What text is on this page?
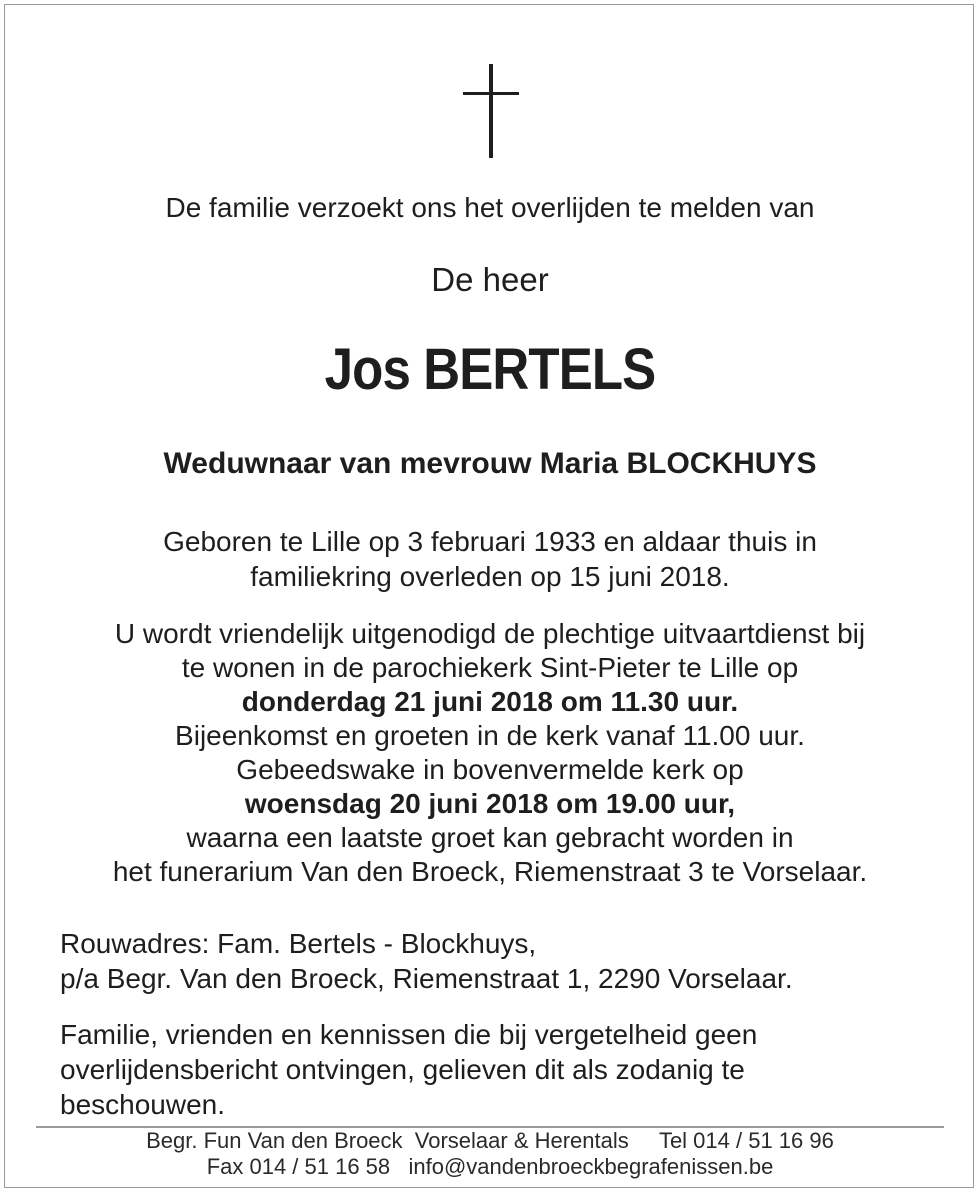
De familie verzoekt ons het overlijden te melden van
De heer
Jos BERTELS
Weduwnaar van mevrouw Maria BLOCKHUYS
Geboren te Lille op 3 februari 1933 en aldaar thuis in
familiekring overleden op 15 juni 2018.
U wordt vriendelijk uitgenodigd de plechtige uitvaartdienst bij
te wonen in de parochiekerk Sint-Pieter te Lille op
donderdag 21 juni 2018 om 11.30 uur.
Bijeenkomst en groeten in de kerk vanaf 11.00 uur.
Gebeedswake in bovenvermelde kerk op
woensdag 20 juni 2018 om 19.00 uur,
waarna een laatste groet kan gebracht worden in
het funerarium Van den Broeck, Riemenstraat 3 te Vorselaar.
Rouwadres: Fam. Bertels - Blockhuys,
p/a Begr. Van den Broeck, Riemenstraat 1, 2290 Vorselaar.
Familie, vrienden en kennissen die bij vergetelheid geen
overlijdensbericht ontvingen, gelieven dit als zodanig te
beschouwen.
Begr. Fun Van den Broeck  Vorselaar & Herentals Tel 014 / 51 16 96
Fax 014 / 51 16 58 info@vandenbroeckbegrafenissen.be
